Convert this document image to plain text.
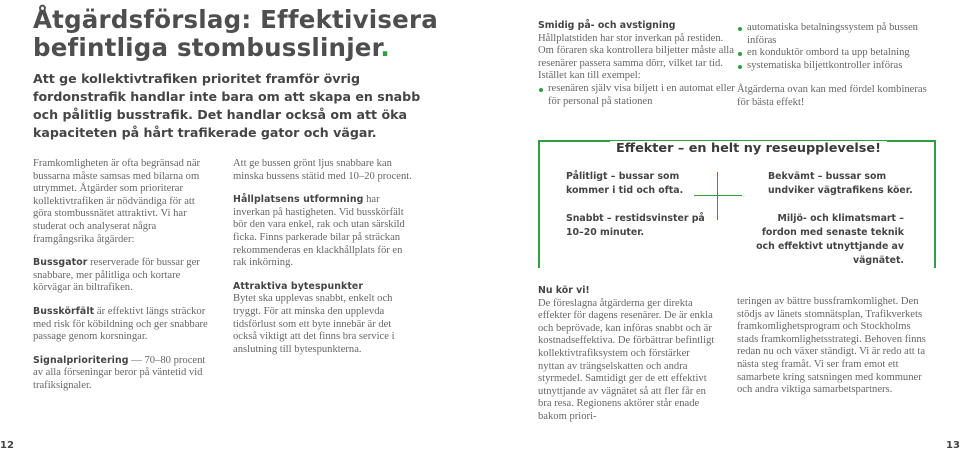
Åtgärdsförslag: Effektivisera
befintliga stombusslinjer.
Att ge kollektivtrafiken prioritet framför övrig fordonstrafik handlar inte bara om att skapa en snabb och pålitlig busstrafik. Det handlar också om att öka kapaciteten på hårt trafikerade gator och vägar.

Framkomligheten är ofta begränsad när bussarna måste samsas med bilarna om utrymmet. Åtgärder som prioriterar kollektivtrafiken är nödvändiga för att göra stombussnätet attraktivt. Vi har studerat och analyserat några framgångsrika åtgärder:

Bussgator reserverade för bussar ger snabbare, mer pålitliga och kortare körvägar än biltrafiken.

Busskörfält är effektivt längs sträckor med risk för köbildning och ger snabbare passage genom korsningar.

Signalprioritering — 70–80 procent av alla förseningar beror på väntetid vid trafiksignaler.

Att ge bussen grönt ljus snabbare kan minska bussens stätid med 10–20 procent.

Hållplatsens utformning har inverkan på hastigheten. Vid busskörfält bör den vara enkel, rak och utan särskild ficka. Finns parkerade bilar på sträckan rekommenderas en klackhållplats för en rak inkörning.

Attraktiva bytespunkter
Bytet ska upplevas snabbt, enkelt och tryggt. För att minska den upplevda tidsförlust som ett byte innebär är det också viktigt att det finns bra service i anslutning till bytespunkterna.

Smidig på- och avstigning
Hållplatstiden har stor inverkan på restiden. Om föraren ska kontrollera biljetter måste alla resenärer passera samma dörr, vilket tar tid. Istället kan till exempel:
resenären själv visa biljett i en automat eller
för personal på stationen
automatiska betalningssystem på bussen
införas
en konduktör ombord ta upp betalning
systematiska biljettkontroller införas
Åtgärderna ovan kan med fördel kombineras för bästa effekt!
Effekter – en helt ny reseupplevelse!
Pålitligt – bussar som kommer i tid och ofta.
Snabbt – restidsvinster på 10–20 minuter.
Bekvämt – bussar som undviker vägtrafikens köer.
Miljö- och klimatsmart – fordon med senaste teknik och effektivt utnyttjande av vägnätet.
Nu kör vi!
De föreslagna åtgärderna ger direkta effekter för dagens resenärer. De är enkla och beprövade, kan införas snabbt och är kostnadseffektiva. De förbättrar befintligt kollektivtrafiksystem och förstärker nyttan av trängselskatten och andra styrmedel. Samtidigt ger de ett effektivt utnyttjande av vägnätet så att fler får en bra resa. Regionens aktörer står enade bakom priori-
teringen av bättre bussframkomlighet. Den stödjs av länets stomnätsplan, Trafikverkets framkomlighetsprogram och Stockholms stads framkomlighetsstrategi. Behoven finns redan nu och växer ständigt. Vi är redo att ta nästa steg framåt. Vi ser fram emot ett samarbete kring satsningen med kommuner och andra viktiga samarbetspartners.
12	13
